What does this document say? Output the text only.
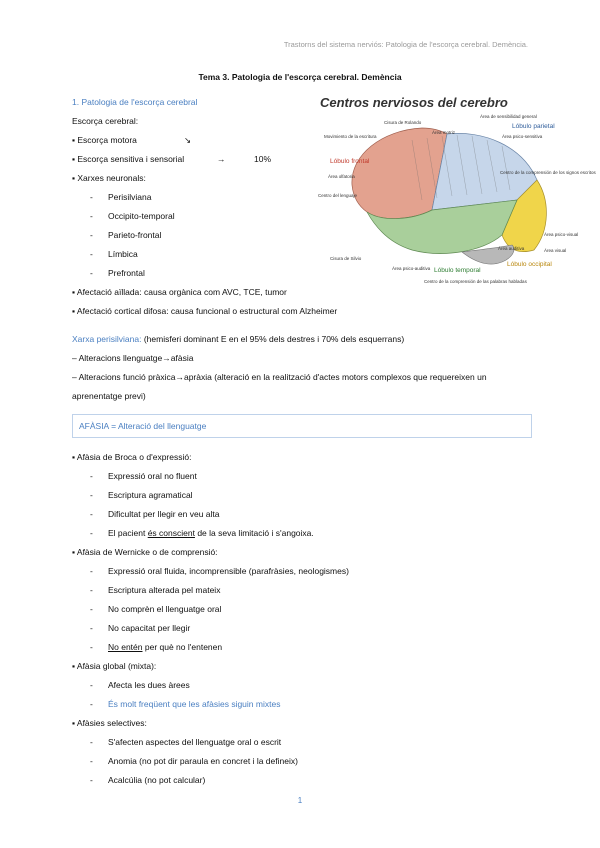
Trastorns del sistema nerviós: Patologia de l'escorça cerebral. Demència.
Tema 3. Patologia de l'escorça cerebral. Demència
1. Patologia de l'escorça cerebral
Escorça cerebral:
▪ Escorça motora	↘
▪ Escorça sensitiva i sensorial	→	10%
▪ Xarxes neuronals:
- Perisilviana
- Occipito-temporal
- Parieto-frontal
- Límbica
- Prefrontal
▪ Afectació aïllada: causa orgànica com AVC, TCE, tumor
▪ Afectació cortical difosa: causa funcional o estructural com Alzheimer
Centros nerviosos del cerebro
Lóbulo frontal
Lóbulo parietal
Lóbulo temporal
Lóbulo occipital
Área motriz
Movimiento de la escritura
Cisura de Rolando
Área de sensibilidad general
Área psico-sensitiva
Área olfatoria
Centro del lenguaje
Centro de la comprensión de los signos escritos
Área psico-visual
Área visual
Cisura de Silvio
Área psico-auditiva
Área auditiva
Centro de la comprensión de las palabras habladas
Xarxa perisilviana: (hemisferi dominant E en el 95% dels destres i 70% dels esquerrans)
– Alteracions llenguatge→afàsia
– Alteracions funció pràxica→apràxia (alteració en la realització d'actes motors complexos que requereixen un
aprenentatge previ)
AFÀSIA = Alteració del llenguatge
▪ Afàsia de Broca o d'expressió:
- Expressió oral no fluent
- Escriptura agramatical
- Dificultat per llegir en veu alta
- El pacient és conscient de la seva limitació i s'angoixa.
▪ Afàsia de Wernicke o de comprensió:
- Expressió oral fluida, incomprensible (parafràsies, neologismes)
- Escriptura alterada pel mateix
- No comprèn el llenguatge oral
- No capacitat per llegir
- No entén per què no l'entenen
▪ Afàsia global (mixta):
- Afecta les dues àrees
- És molt freqüent que les afàsies siguin mixtes
▪ Afàsies selectives:
- S'afecten aspectes del llenguatge oral o escrit
- Anomia (no pot dir paraula en concret i la defineix)
- Acalcúlia (no pot calcular)
1
